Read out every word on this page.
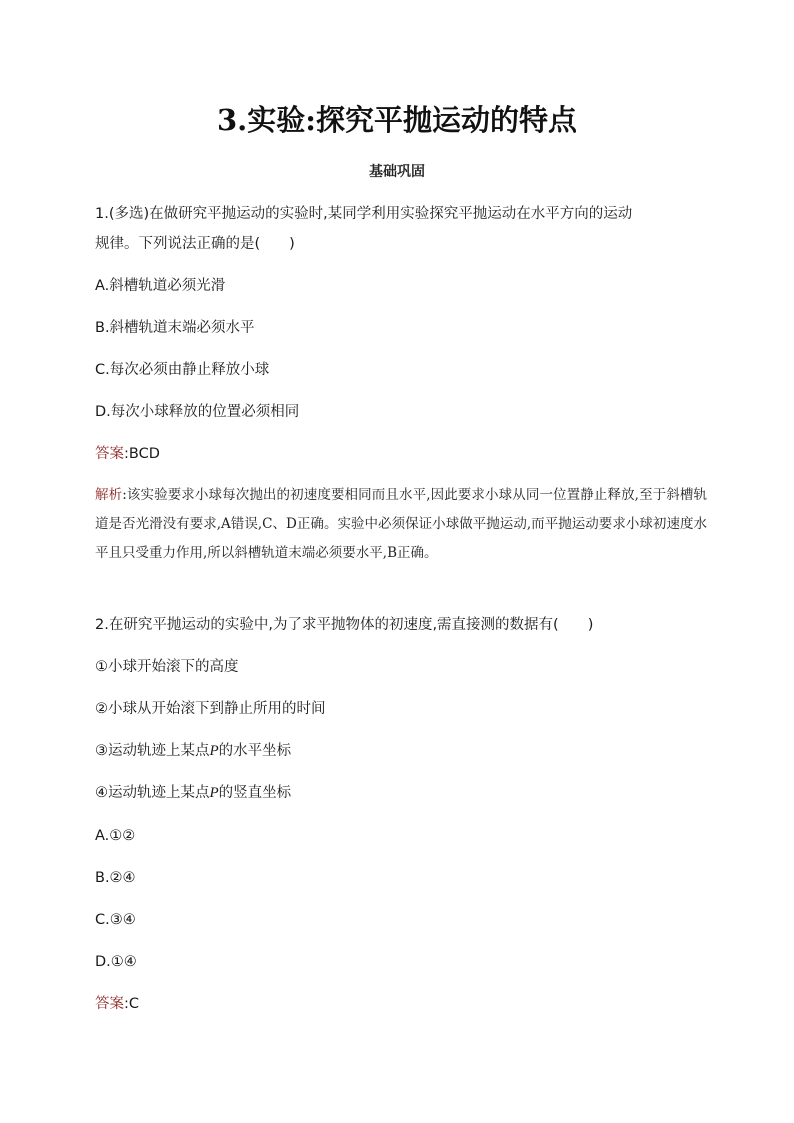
3.实验:探究平抛运动的特点
基础巩固
1.(多选)在做研究平抛运动的实验时,某同学利用实验探究平抛运动在水平方向的运动
规律。下列说法正确的是(　　)
A.斜槽轨道必须光滑
B.斜槽轨道末端必须水平
C.每次必须由静止释放小球
D.每次小球释放的位置必须相同
答案:BCD
解析:该实验要求小球每次抛出的初速度要相同而且水平,因此要求小球从同一位置静止释放,至于斜槽轨道是否光滑没有要求,A错误,C、D正确。实验中必须保证小球做平抛运动,而平抛运动要求小球初速度水平且只受重力作用,所以斜槽轨道末端必须要水平,B正确。
2.在研究平抛运动的实验中,为了求平抛物体的初速度,需直接测的数据有(　　)
①小球开始滚下的高度
②小球从开始滚下到静止所用的时间
③运动轨迹上某点P的水平坐标
④运动轨迹上某点P的竖直坐标
A.①②
B.②④
C.③④
D.①④
答案:C
